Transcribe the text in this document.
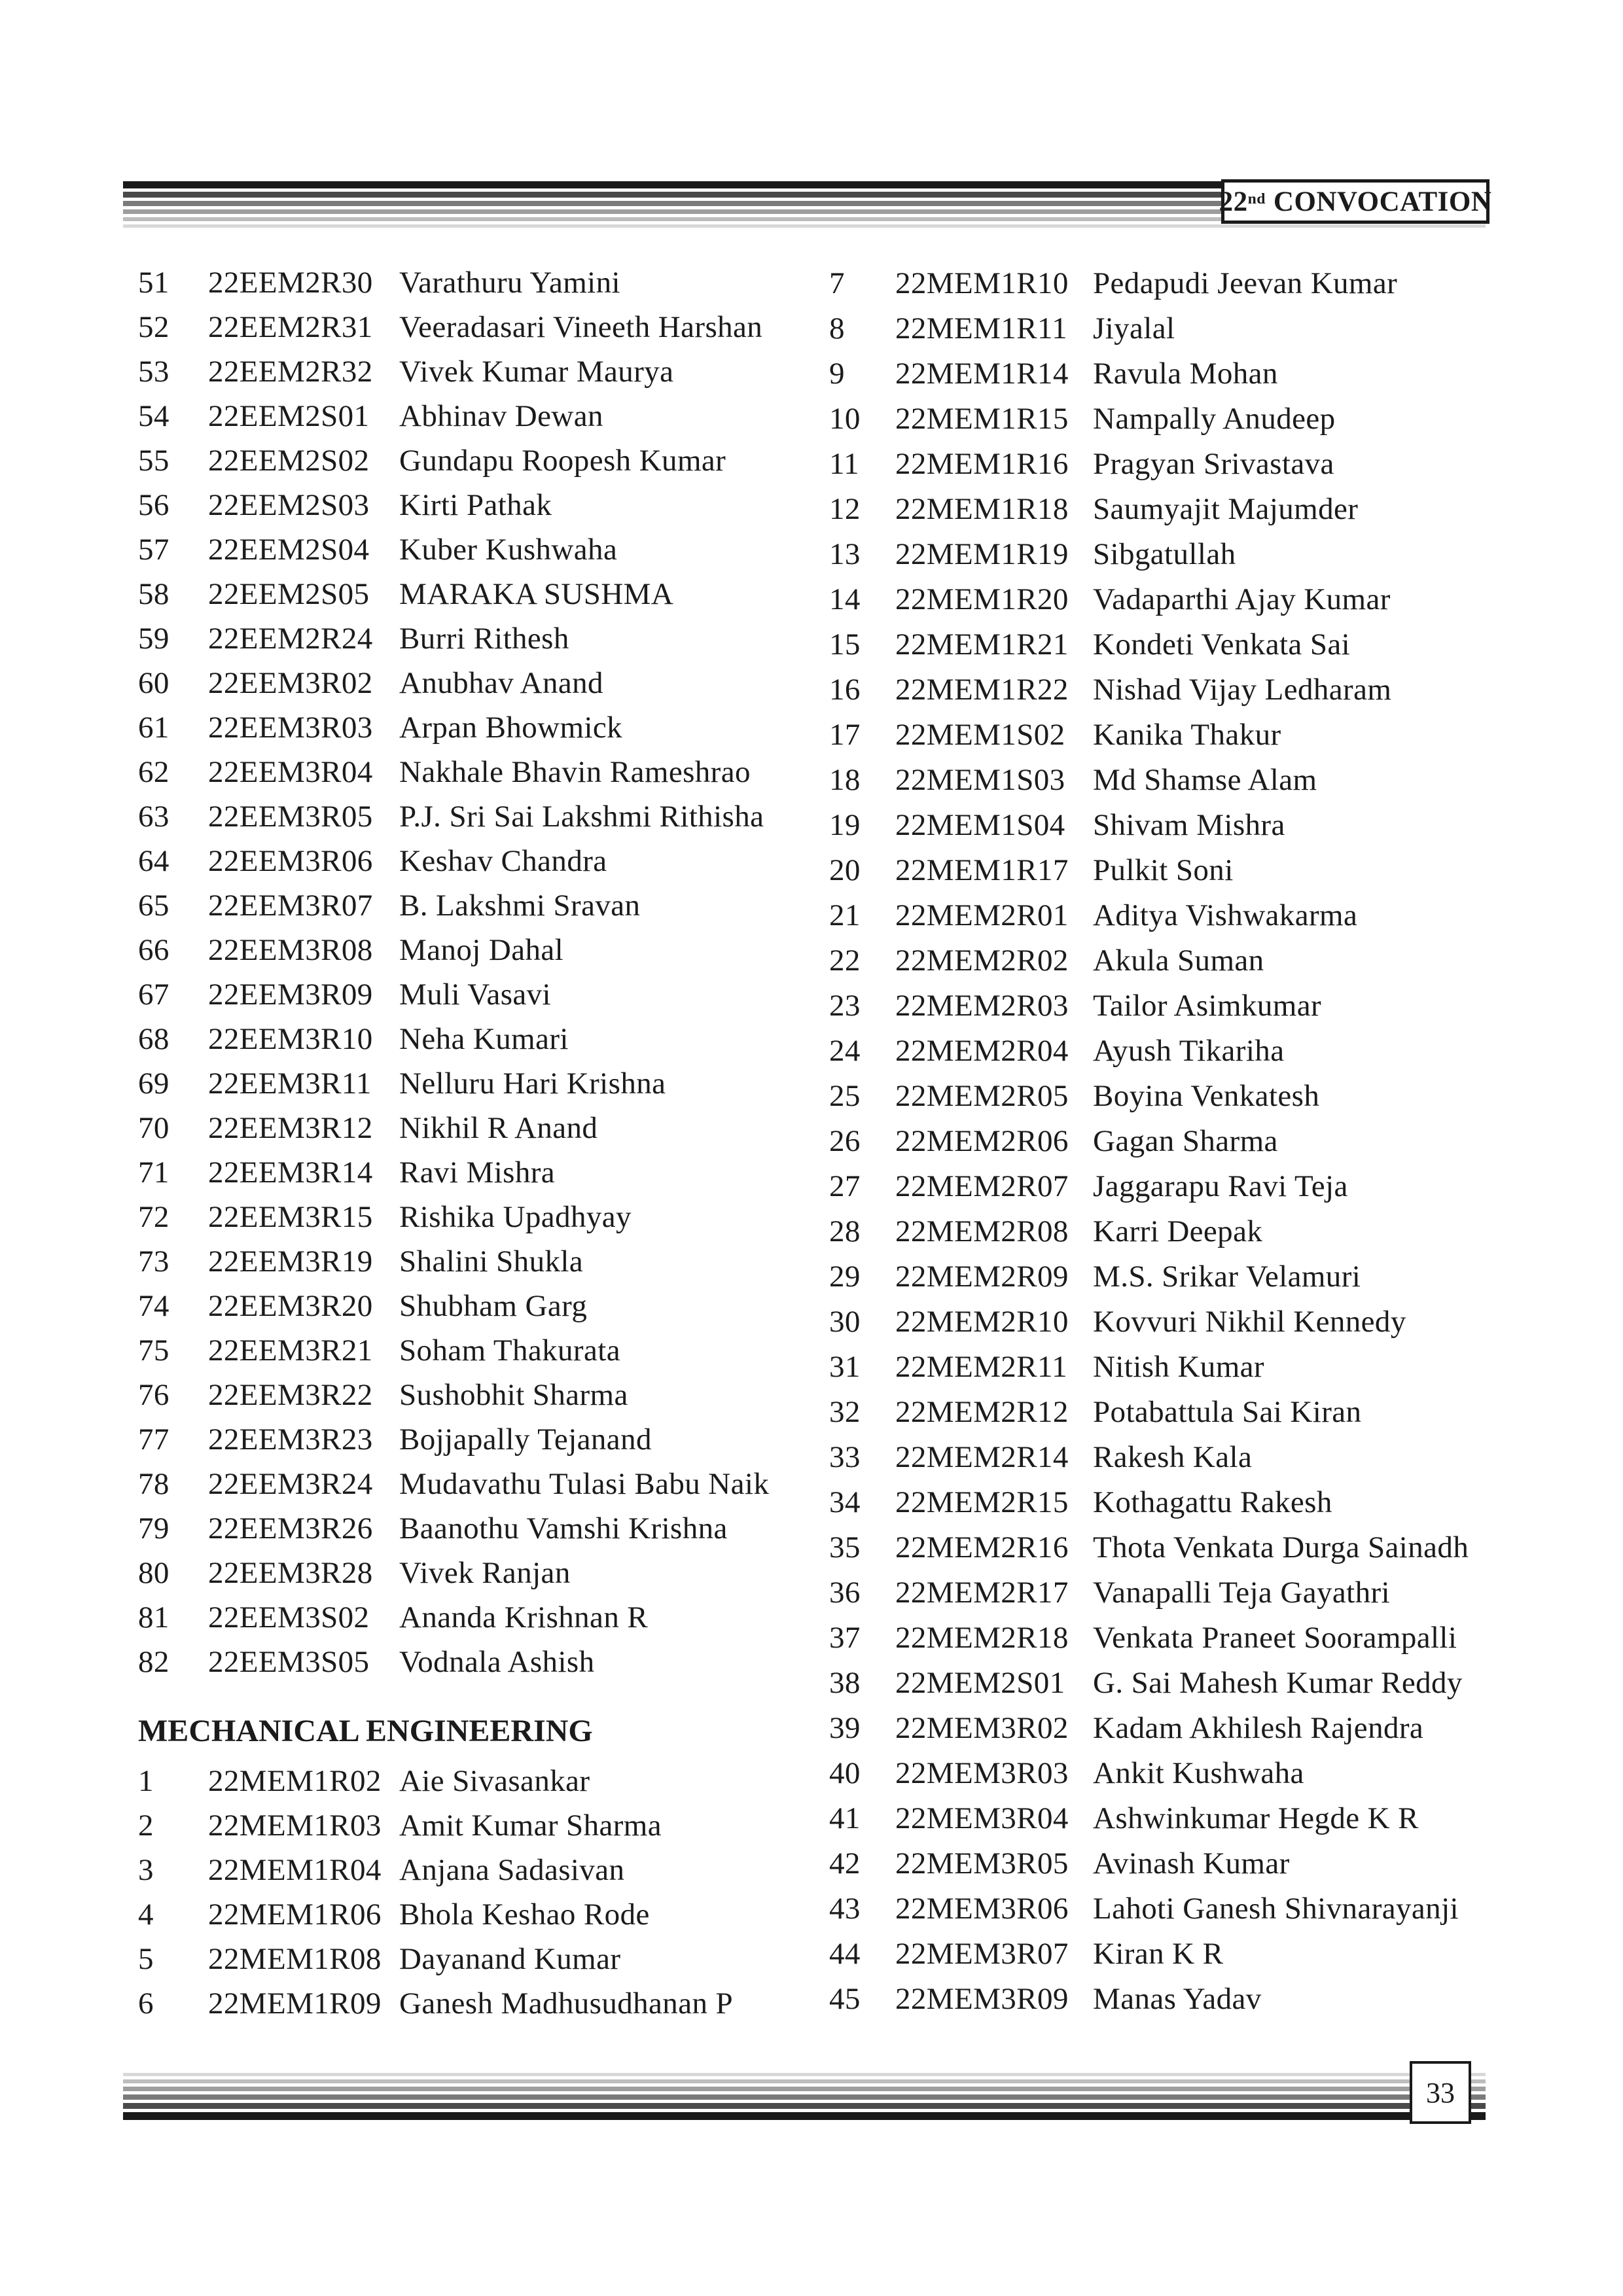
22nd CONVOCATION
51	22EEM2R30 Varathuru Yamini
52	22EEM2R31 Veeradasari Vineeth Harshan
53	22EEM2R32 Vivek Kumar Maurya
54	22EEM2S01 Abhinav Dewan
55	22EEM2S02 Gundapu Roopesh Kumar
56	22EEM2S03 Kirti Pathak
57	22EEM2S04 Kuber Kushwaha
58	22EEM2S05 MARAKA SUSHMA
59	22EEM2R24 Burri Rithesh
60	22EEM3R02 Anubhav Anand
61	22EEM3R03 Arpan Bhowmick
62	22EEM3R04 Nakhale Bhavin Rameshrao
63	22EEM3R05 P.J. Sri Sai Lakshmi Rithisha
64	22EEM3R06 Keshav Chandra
65	22EEM3R07 B. Lakshmi Sravan
66	22EEM3R08 Manoj Dahal
67	22EEM3R09 Muli Vasavi
68	22EEM3R10 Neha Kumari
69	22EEM3R11 Nelluru Hari Krishna
70	22EEM3R12 Nikhil R Anand
71	22EEM3R14 Ravi Mishra
72	22EEM3R15 Rishika Upadhyay
73	22EEM3R19 Shalini Shukla
74	22EEM3R20 Shubham Garg
75	22EEM3R21 Soham Thakurata
76	22EEM3R22 Sushobhit Sharma
77	22EEM3R23 Bojjapally Tejanand
78	22EEM3R24 Mudavathu Tulasi Babu Naik
79	22EEM3R26 Baanothu Vamshi Krishna
80	22EEM3R28 Vivek Ranjan
81	22EEM3S02 Ananda Krishnan R
82	22EEM3S05 Vodnala Ashish
MECHANICAL ENGINEERING
1	22MEM1R02 Aie Sivasankar
2	22MEM1R03 Amit Kumar Sharma
3	22MEM1R04 Anjana Sadasivan
4	22MEM1R06 Bhola Keshao Rode
5	22MEM1R08 Dayanand Kumar
6	22MEM1R09 Ganesh Madhusudhanan P
7	22MEM1R10 Pedapudi Jeevan Kumar
8	22MEM1R11 Jiyalal
9	22MEM1R14 Ravula Mohan
10	22MEM1R15 Nampally Anudeep
11	22MEM1R16 Pragyan Srivastava
12	22MEM1R18 Saumyajit Majumder
13	22MEM1R19 Sibgatullah
14	22MEM1R20 Vadaparthi Ajay Kumar
15	22MEM1R21 Kondeti Venkata Sai
16	22MEM1R22 Nishad Vijay Ledharam
17	22MEM1S02 Kanika Thakur
18	22MEM1S03 Md Shamse Alam
19	22MEM1S04 Shivam Mishra
20	22MEM1R17 Pulkit Soni
21	22MEM2R01 Aditya Vishwakarma
22	22MEM2R02 Akula Suman
23	22MEM2R03 Tailor Asimkumar
24	22MEM2R04 Ayush Tikariha
25	22MEM2R05 Boyina Venkatesh
26	22MEM2R06 Gagan Sharma
27	22MEM2R07 Jaggarapu Ravi Teja
28	22MEM2R08 Karri Deepak
29	22MEM2R09 M.S. Srikar Velamuri
30	22MEM2R10 Kovvuri Nikhil Kennedy
31	22MEM2R11 Nitish Kumar
32	22MEM2R12 Potabattula Sai Kiran
33	22MEM2R14 Rakesh Kala
34	22MEM2R15 Kothagattu Rakesh
35	22MEM2R16 Thota Venkata Durga Sainadh
36	22MEM2R17 Vanapalli Teja Gayathri
37	22MEM2R18 Venkata Praneet Soorampalli
38	22MEM2S01 G. Sai Mahesh Kumar Reddy
39	22MEM3R02 Kadam Akhilesh Rajendra
40	22MEM3R03 Ankit Kushwaha
41	22MEM3R04 Ashwinkumar Hegde K R
42	22MEM3R05 Avinash Kumar
43	22MEM3R06 Lahoti Ganesh Shivnarayanji
44	22MEM3R07 Kiran K R
45	22MEM3R09 Manas Yadav
33
